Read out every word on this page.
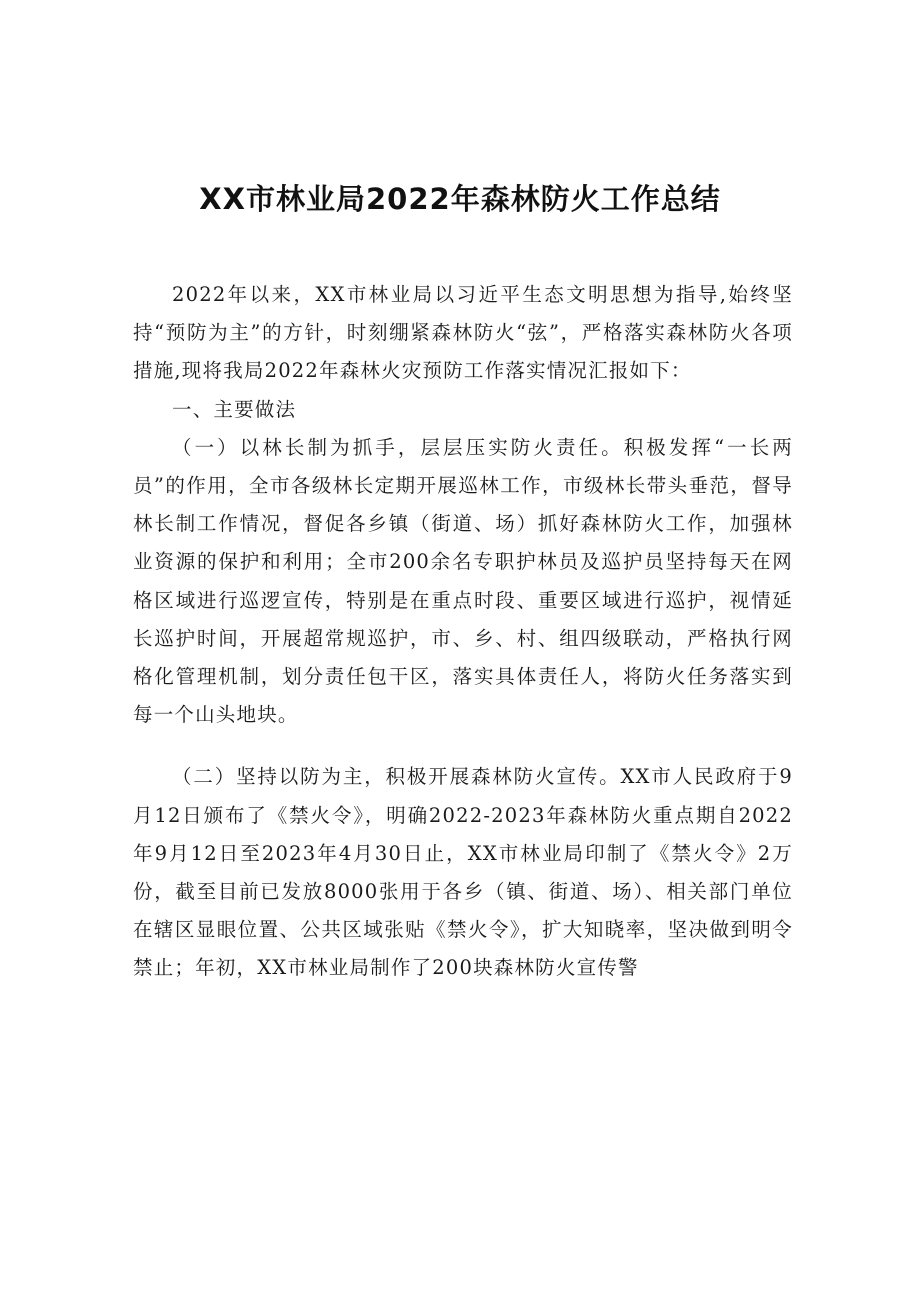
XX市林业局2022年森林防火工作总结

2022年以来，XX市林业局以习近平生态文明思想为指导,始终坚持“预防为主”的方针，时刻绷紧森林防火“弦”，严格落实森林防火各项措施,现将我局2022年森林火灾预防工作落实情况汇报如下：

一、主要做法

（一）以林长制为抓手，层层压实防火责任。积极发挥“一长两员”的作用，全市各级林长定期开展巡林工作，市级林长带头垂范，督导林长制工作情况，督促各乡镇（街道、场）抓好森林防火工作，加强林业资源的保护和利用；全市200余名专职护林员及巡护员坚持每天在网格区域进行巡逻宣传，特别是在重点时段、重要区域进行巡护，视情延长巡护时间，开展超常规巡护，市、乡、村、组四级联动，严格执行网格化管理机制，划分责任包干区，落实具体责任人，将防火任务落实到每一个山头地块。

（二）坚持以防为主，积极开展森林防火宣传。XX市人民政府于9月12日颁布了《禁火令》，明确2022-2023年森林防火重点期自2022年9月12日至2023年4月30日止，XX市林业局印制了《禁火令》2万份，截至目前已发放8000张用于各乡（镇、街道、场）、相关部门单位在辖区显眼位置、公共区域张贴《禁火令》，扩大知晓率，坚决做到明令禁止；年初，XX市林业局制作了200块森林防火宣传警
